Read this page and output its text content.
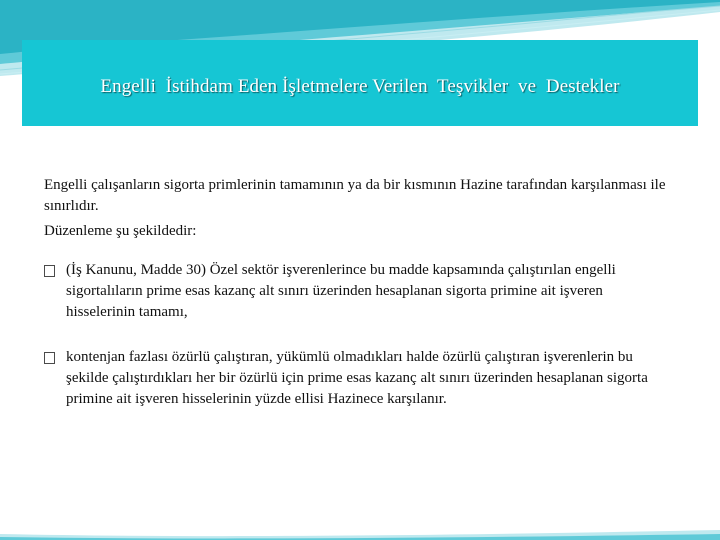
Engelli  İstihdam Eden İşletmelere Verilen  Teşvikler  ve  Destekler

Engelli çalışanların sigorta primlerinin tamamının ya da bir kısmının Hazine tarafından karşılanması ile sınırlıdır.

Düzenleme şu şekildedir:

(İş Kanunu, Madde 30) Özel sektör işverenlerince bu madde kapsamında çalıştırılan engelli sigortalıların prime esas kazanç alt sınırı üzerinden hesaplanan sigorta primine ait işveren hisselerinin tamamı,
kontenjan fazlası özürlü çalıştıran, yükümlü olmadıkları halde özürlü çalıştıran işverenlerin bu şekilde çalıştırdıkları her bir özürlü için prime esas kazanç alt sınırı üzerinden hesaplanan sigorta primine ait işveren hisselerinin yüzde ellisi Hazinece karşılanır.
